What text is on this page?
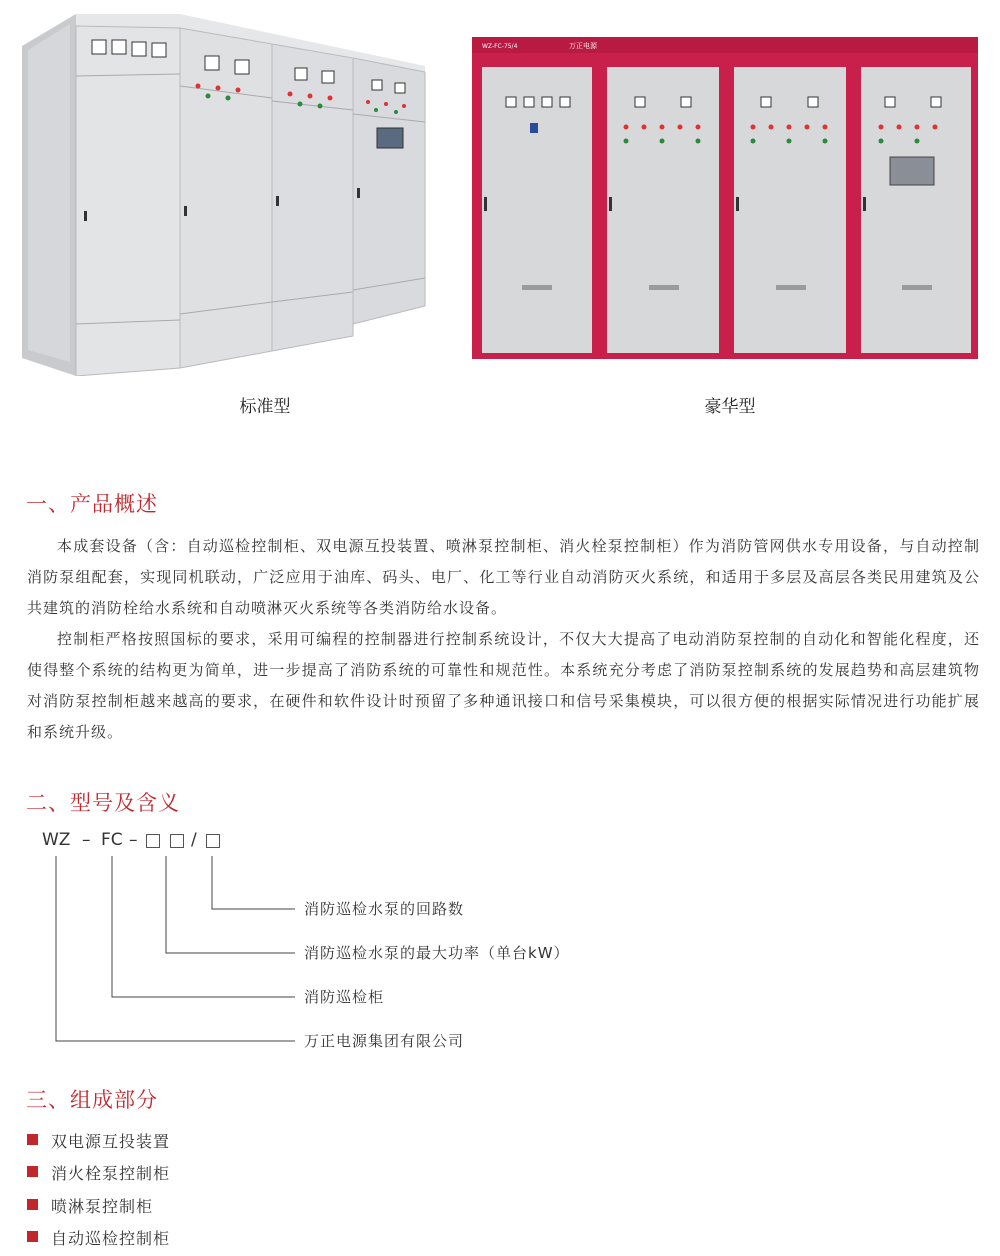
WZ-FC-75/4	万正电源
标准型	豪华型
一、产品概述
本成套设备（含：自动巡检控制柜、双电源互投装置、喷淋泵控制柜、消火栓泵控制柜）作为消防管网供水专用设备，与自动控制消防泵组配套，实现同机联动，广泛应用于油库、码头、电厂、化工等行业自动消防灭火系统，和适用于多层及高层各类民用建筑及公共建筑的消防栓给水系统和自动喷淋灭火系统等各类消防给水设备。
控制柜严格按照国标的要求，采用可编程的控制器进行控制系统设计，不仅大大提高了电动消防泵控制的自动化和智能化程度，还使得整个系统的结构更为简单，进一步提高了消防系统的可靠性和规范性。本系统充分考虑了消防泵控制系统的发展趋势和高层建筑物对消防泵控制柜越来越高的要求，在硬件和软件设计时预留了多种通讯接口和信号采集模块，可以很方便的根据实际情况进行功能扩展和系统升级。
二、型号及含义
WZ – FC –	/
消防巡检水泵的回路数
消防巡检水泵的最大功率（单台kW）
消防巡检柜
万正电源集团有限公司
三、组成部分
双电源互投装置
消火栓泵控制柜
喷淋泵控制柜
自动巡检控制柜
